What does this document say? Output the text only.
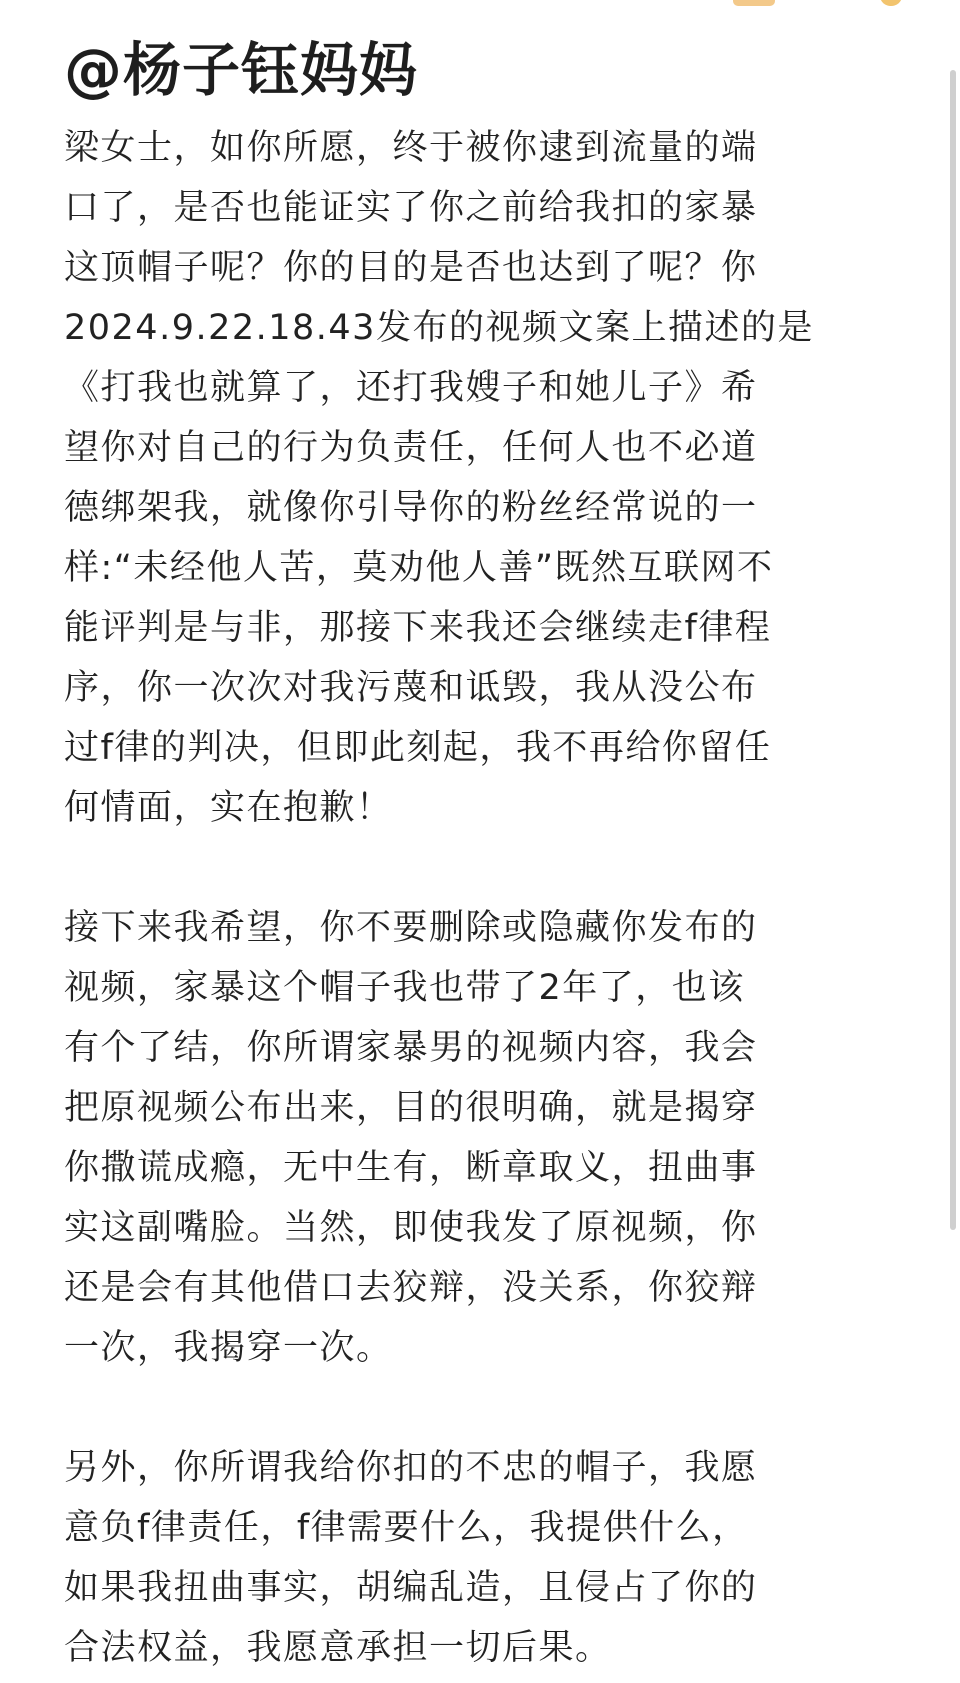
@杨子钰妈妈
梁女士，如你所愿，终于被你逮到流量的端
口了，是否也能证实了你之前给我扣的家暴
这顶帽子呢？你的目的是否也达到了呢？你
2024.9.22.18.43发布的视频文案上描述的是
《打我也就算了，还打我嫂子和她儿子》希
望你对自己的行为负责任，任何人也不必道
德绑架我，就像你引导你的粉丝经常说的一
样:“未经他人苦，莫劝他人善”既然互联网不
能评判是与非，那接下来我还会继续走f律程
序，你一次次对我污蔑和诋毁，我从没公布
过f律的判决，但即此刻起，我不再给你留任
何情面，实在抱歉！
接下来我希望，你不要删除或隐藏你发布的
视频，家暴这个帽子我也带了2年了，也该
有个了结，你所谓家暴男的视频内容，我会
把原视频公布出来，目的很明确，就是揭穿
你撒谎成瘾，无中生有，断章取义，扭曲事
实这副嘴脸。当然，即使我发了原视频，你
还是会有其他借口去狡辩，没关系，你狡辩
一次，我揭穿一次。
另外，你所谓我给你扣的不忠的帽子，我愿
意负f律责任，f律需要什么，我提供什么，
如果我扭曲事实，胡编乱造，且侵占了你的
合法权益，我愿意承担一切后果。
